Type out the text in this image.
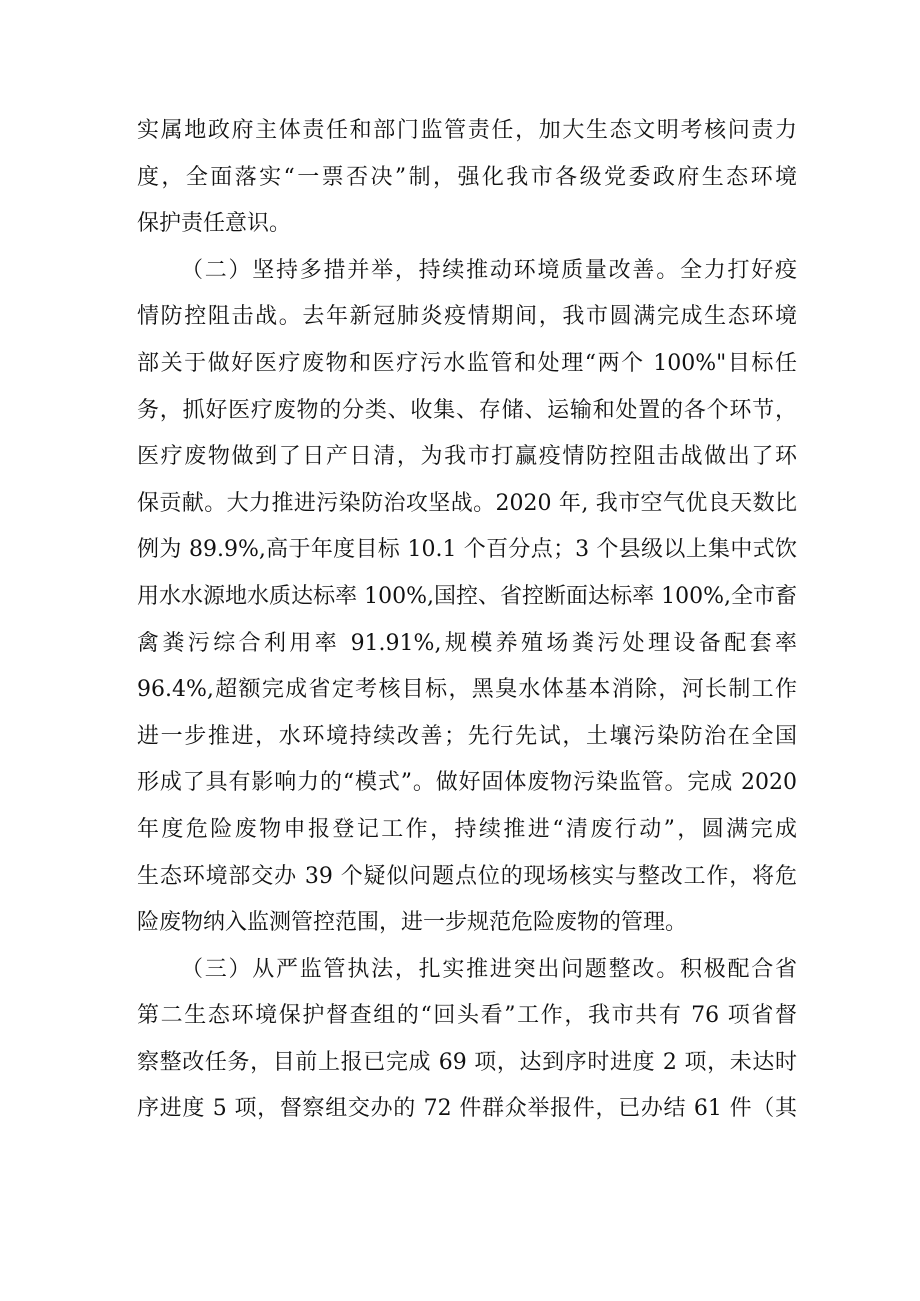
实属地政府主体责任和部门监管责任，加大生态文明考核问责力
度，全面落实“一票否决”制，强化我市各级党委政府生态环境
保护责任意识。
（二）坚持多措并举，持续推动环境质量改善。全力打好疫
情防控阻击战。去年新冠肺炎疫情期间，我市圆满完成生态环境
部关于做好医疗废物和医疗污水监管和处理“两个 100%"目标任
务，抓好医疗废物的分类、收集、存储、运输和处置的各个环节，
医疗废物做到了日产日清，为我市打赢疫情防控阻击战做出了环
保贡献。大力推进污染防治攻坚战。2020 年, 我市空气优良天数比
例为 89.9%,高于年度目标 10.1 个百分点；3 个县级以上集中式饮
用水水源地水质达标率 100%,国控、省控断面达标率 100%,全市畜
禽粪污综合利用率 91.91%,规模养殖场粪污处理设备配套率
96.4%,超额完成省定考核目标，黑臭水体基本消除，河长制工作
进一步推进，水环境持续改善；先行先试，土壤污染防治在全国
形成了具有影响力的“模式”。做好固体废物污染监管。完成 2020
年度危险废物申报登记工作，持续推进“清废行动”，圆满完成
生态环境部交办 39 个疑似问题点位的现场核实与整改工作，将危
险废物纳入监测管控范围，进一步规范危险废物的管理。
（三）从严监管执法，扎实推进突出问题整改。积极配合省
第二生态环境保护督查组的“回头看”工作，我市共有 76 项省督
察整改任务，目前上报已完成 69 项，达到序时进度 2 项，未达时
序进度 5 项，督察组交办的 72 件群众举报件，已办结 61 件（其
